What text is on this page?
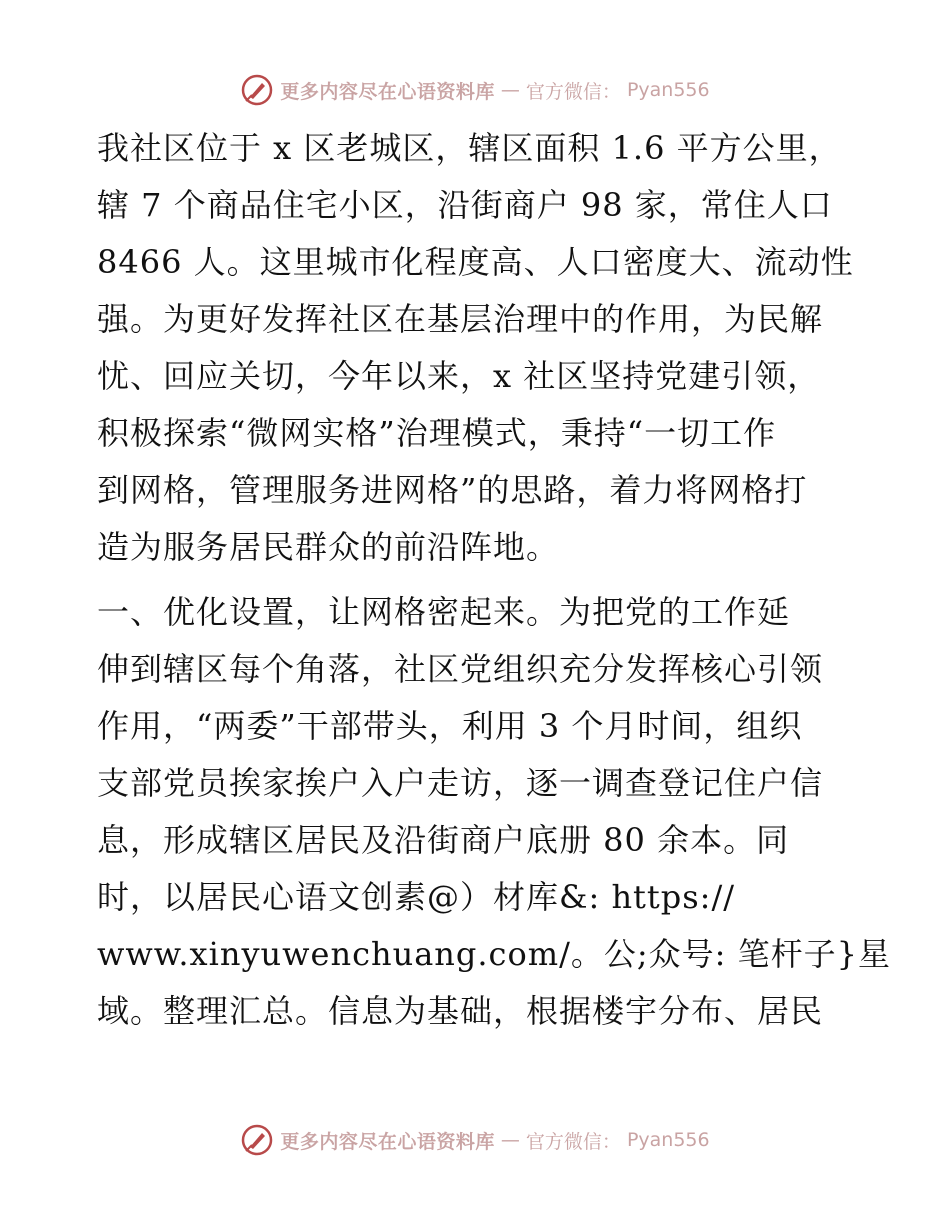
更多内容尽在心语资料库 — 官方微信： Pyan556
我社区位于 x 区老城区，辖区面积 1.6 平方公里，
辖 7 个商品住宅小区，沿街商户 98 家，常住人口
8466 人。这里城市化程度高、人口密度大、流动性
强。为更好发挥社区在基层治理中的作用，为民解
忧、回应关切，今年以来，x 社区坚持党建引领，
积极探索“微网实格”治理模式，秉持“一切工作
到网格，管理服务进网格”的思路，着力将网格打
造为服务居民群众的前沿阵地。
一、优化设置，让网格密起来。为把党的工作延
伸到辖区每个角落，社区党组织充分发挥核心引领
作用，“两委”干部带头，利用 3 个月时间，组织
支部党员挨家挨户入户走访，逐一调查登记住户信
息，形成辖区居民及沿街商户底册 80 余本。同
时，以居民心语文创素@）材库&: https://
www.xinyuwenchuang.com/。公;众号: 笔杆子}星
域。整理汇总。信息为基础，根据楼宇分布、居民
更多内容尽在心语资料库 — 官方微信： Pyan556
